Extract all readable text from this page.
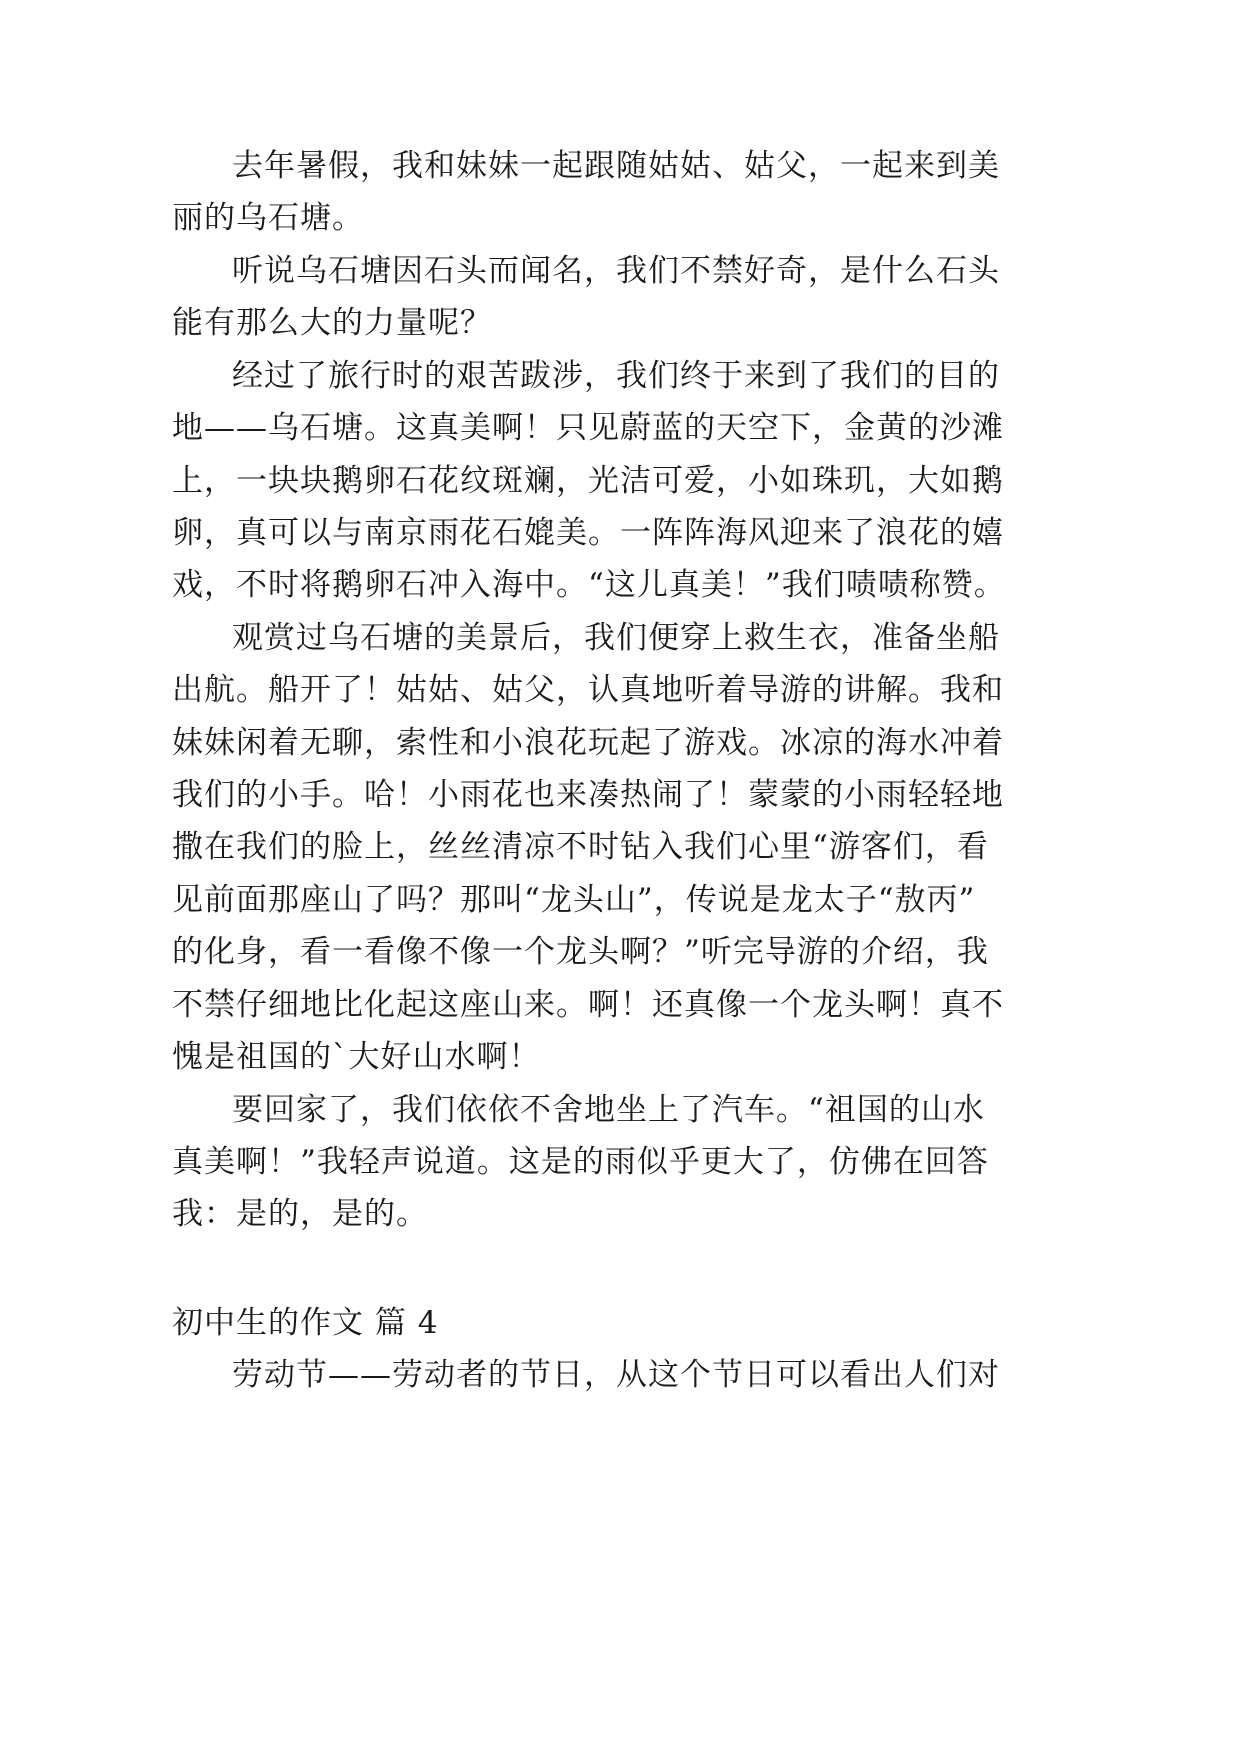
去年暑假，我和妹妹一起跟随姑姑、姑父，一起来到美
丽的乌石塘。
听说乌石塘因石头而闻名，我们不禁好奇，是什么石头
能有那么大的力量呢？
经过了旅行时的艰苦跋涉，我们终于来到了我们的目的
地——乌石塘。这真美啊！只见蔚蓝的天空下，金黄的沙滩
上，一块块鹅卵石花纹斑斓，光洁可爱，小如珠玑，大如鹅
卵，真可以与南京雨花石媲美。一阵阵海风迎来了浪花的嬉
戏，不时将鹅卵石冲入海中。“这儿真美！”我们啧啧称赞。
观赏过乌石塘的美景后，我们便穿上救生衣，准备坐船
出航。船开了！姑姑、姑父，认真地听着导游的讲解。我和
妹妹闲着无聊，索性和小浪花玩起了游戏。冰凉的海水冲着
我们的小手。哈！小雨花也来凑热闹了！蒙蒙的小雨轻轻地
撒在我们的脸上，丝丝清凉不时钻入我们心里“游客们，看
见前面那座山了吗？那叫“龙头山”，传说是龙太子“敖丙”
的化身，看一看像不像一个龙头啊？”听完导游的介绍，我
不禁仔细地比化起这座山来。啊！还真像一个龙头啊！真不
愧是祖国的`大好山水啊！
要回家了，我们依依不舍地坐上了汽车。“祖国的山水
真美啊！”我轻声说道。这是的雨似乎更大了，仿佛在回答
我：是的，是的。
初中生的作文 篇 4
劳动节——劳动者的节日，从这个节日可以看出人们对
